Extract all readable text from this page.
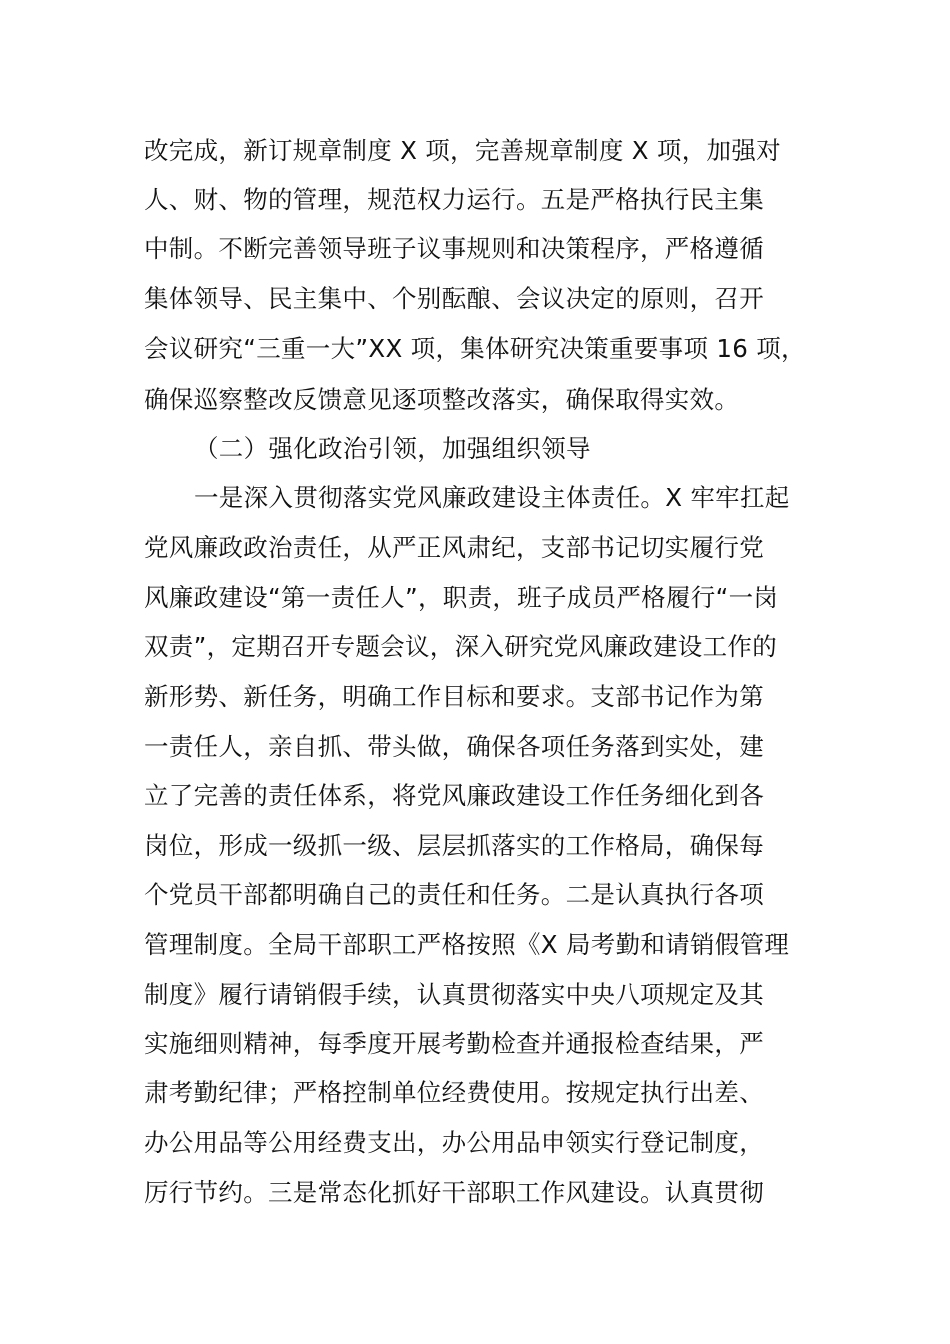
改完成，新订规章制度 X 项，完善规章制度 X 项，加强对
人、财、物的管理，规范权力运行。五是严格执行民主集
中制。不断完善领导班子议事规则和决策程序，严格遵循
集体领导、民主集中、个别酝酿、会议决定的原则，召开
会议研究“三重一大”XX 项，集体研究决策重要事项 16 项，
确保巡察整改反馈意见逐项整改落实，确保取得实效。
（二）强化政治引领，加强组织领导
一是深入贯彻落实党风廉政建设主体责任。X 牢牢扛起
党风廉政政治责任，从严正风肃纪，支部书记切实履行党
风廉政建设“第一责任人”，职责，班子成员严格履行“一岗
双责”，定期召开专题会议，深入研究党风廉政建设工作的
新形势、新任务，明确工作目标和要求。支部书记作为第
一责任人，亲自抓、带头做，确保各项任务落到实处，建
立了完善的责任体系，将党风廉政建设工作任务细化到各
岗位，形成一级抓一级、层层抓落实的工作格局，确保每
个党员干部都明确自己的责任和任务。二是认真执行各项
管理制度。全局干部职工严格按照《X 局考勤和请销假管理
制度》履行请销假手续，认真贯彻落实中央八项规定及其
实施细则精神，每季度开展考勤检查并通报检查结果，严
肃考勤纪律；严格控制单位经费使用。按规定执行出差、
办公用品等公用经费支出，办公用品申领实行登记制度，
厉行节约。三是常态化抓好干部职工作风建设。认真贯彻
